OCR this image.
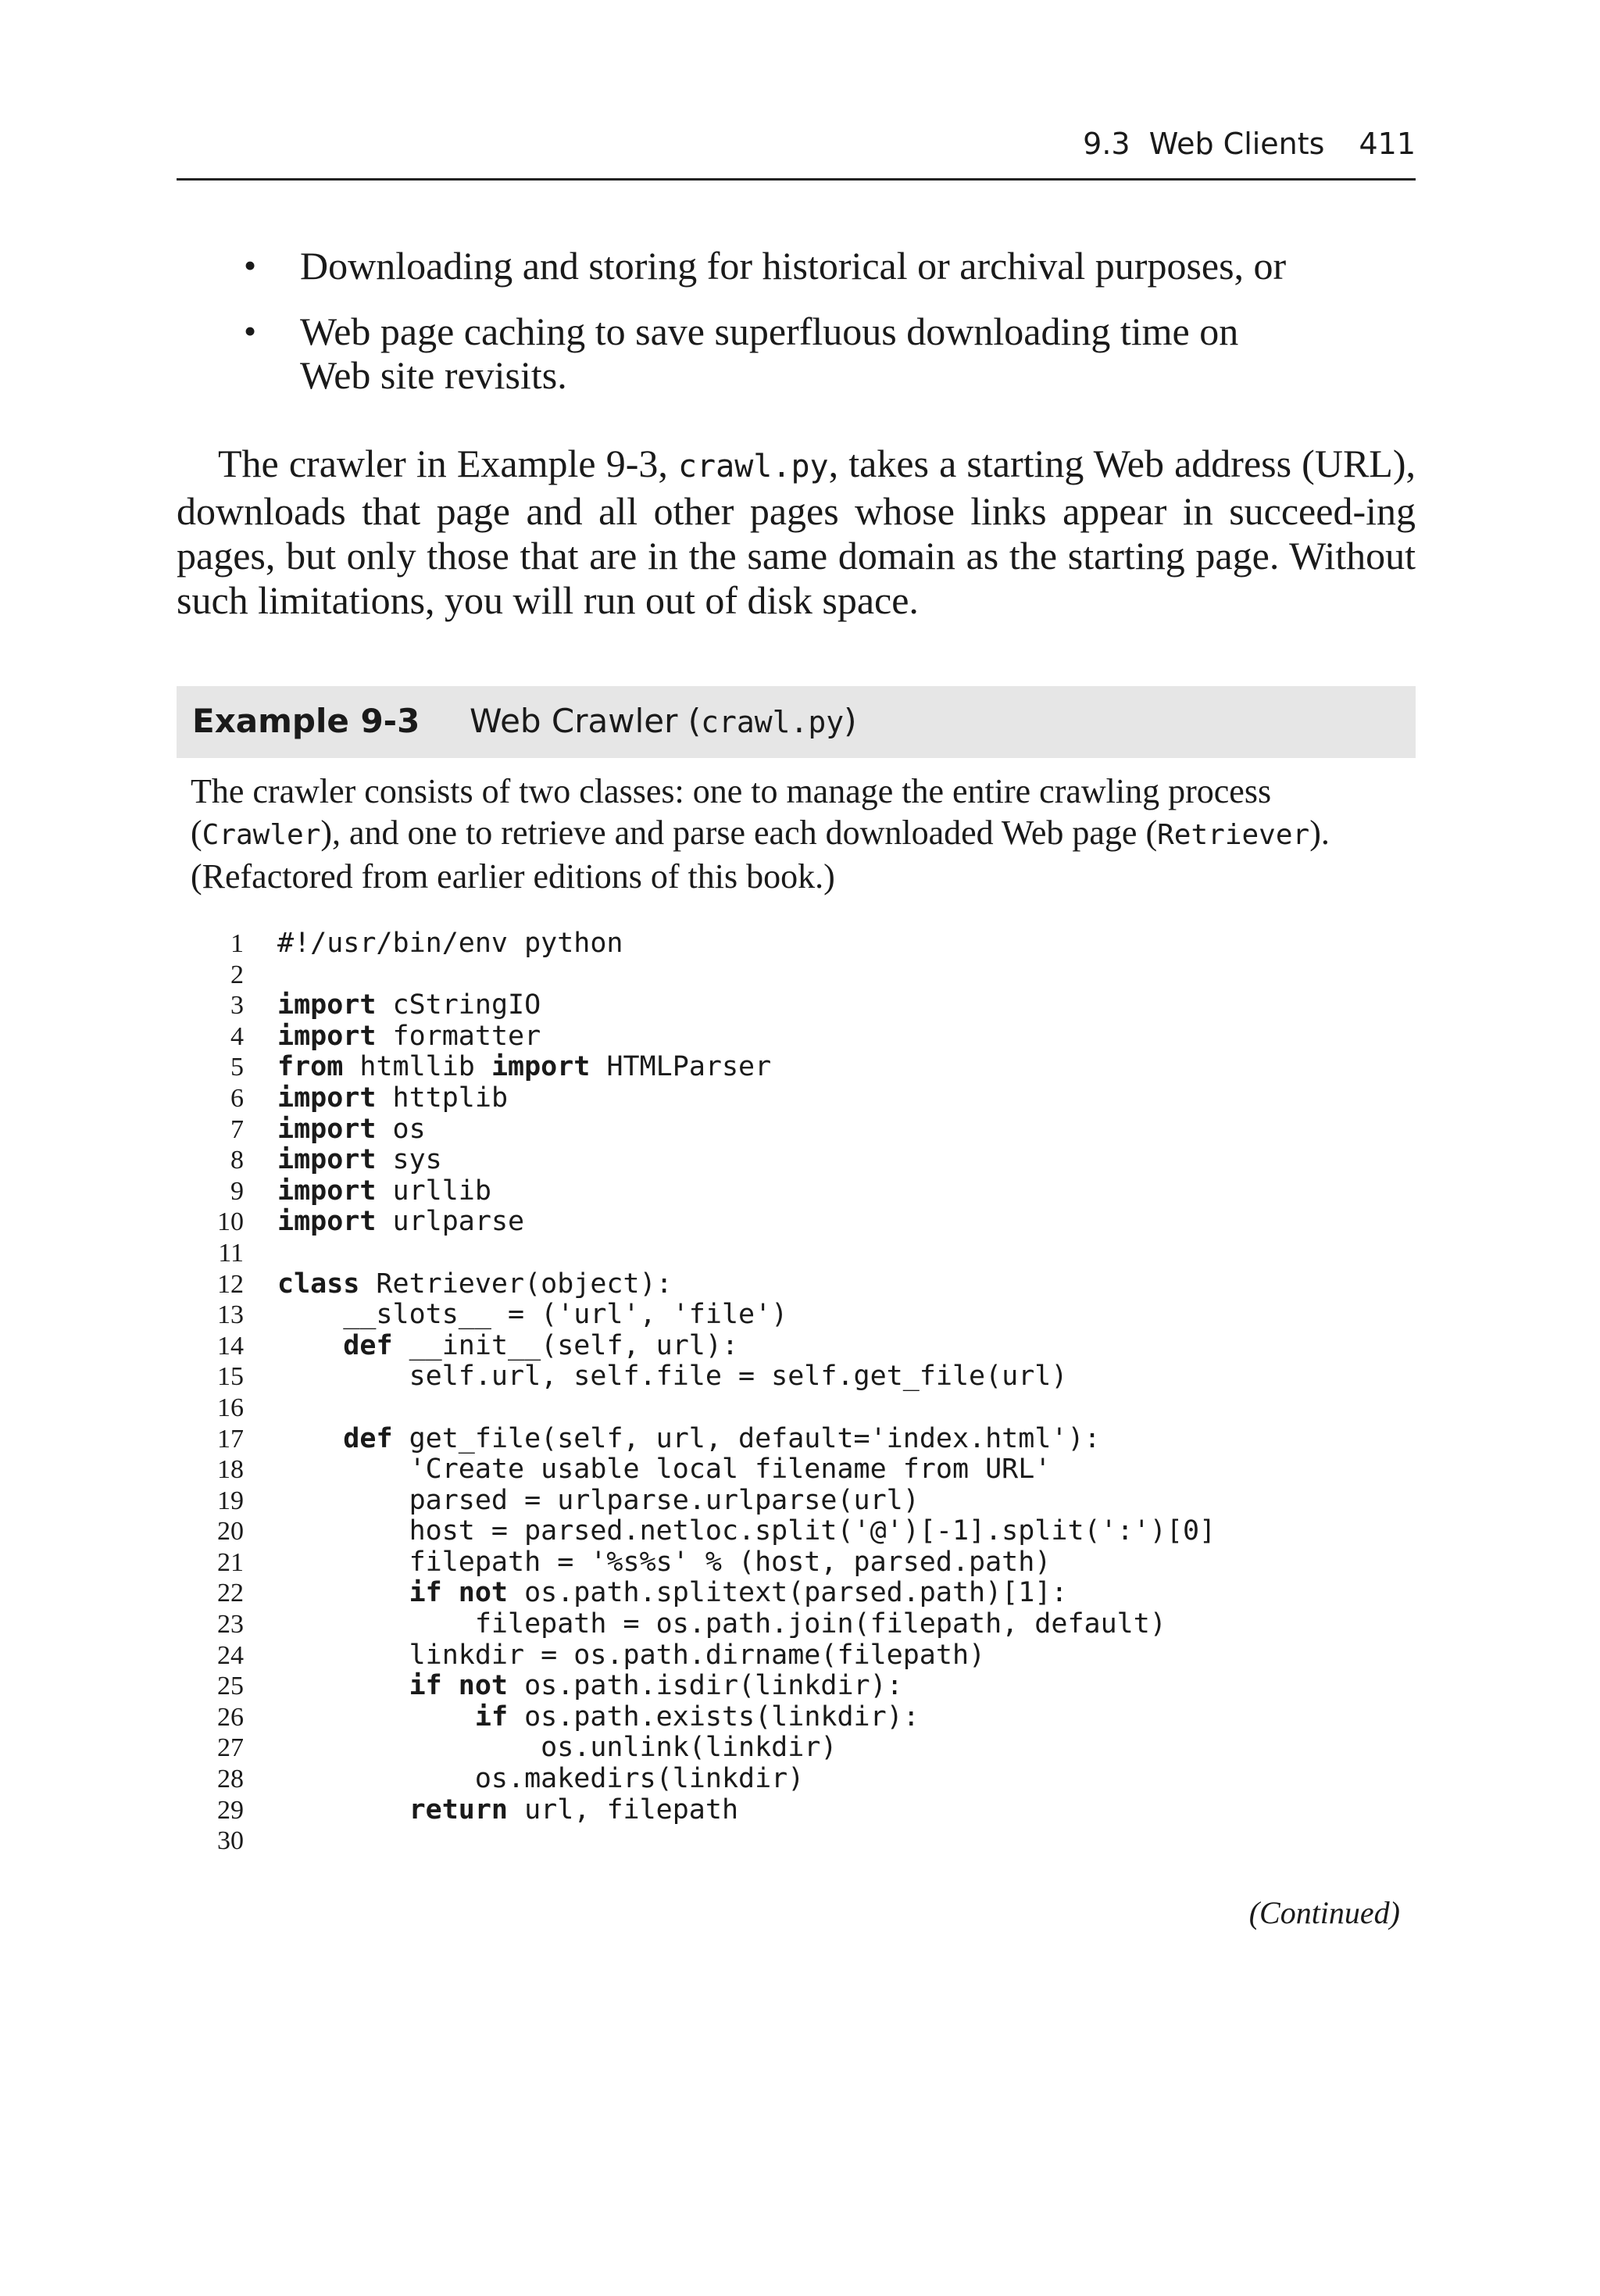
9.3  Web Clients 411
• Downloading and storing for historical or archival purposes, or
• Web page caching to save superfluous downloading time on Web site revisits.

The crawler in Example 9-3, crawl.py, takes a starting Web address (URL), downloads that page and all other pages whose links appear in succeed-ing pages, but only those that are in the same domain as the starting page. Without such limitations, you will run out of disk space.

Example 9-3 Web Crawler (crawl.py)

The crawler consists of two classes: one to manage the entire crawling process (Crawler), and one to retrieve and parse each downloaded Web page (Retriever). (Refactored from earlier editions of this book.)

1 #!/usr/bin/env python
2
3 import cStringIO
4 import formatter
5 from htmllib import HTMLParser
6 import httplib
7 import os
8 import sys
9 import urllib
10 import urlparse
11
12 class Retriever(object):
13 __slots__ = ('url', 'file')
14	def __init__(self, url):
15 self.url, self.file = self.get_file(url)
16
17	def get_file(self, url, default='index.html'):
18 'Create usable local filename from URL'
19 parsed = urlparse.urlparse(url)
20 host = parsed.netloc.split('@')[-1].split(':')[0]
21 filepath = '%s%s' % (host, parsed.path)
22	if not os.path.splitext(parsed.path)[1]:
23 filepath = os.path.join(filepath, default)
24 linkdir = os.path.dirname(filepath)
25	if not os.path.isdir(linkdir):
26	if os.path.exists(linkdir):
27 os.unlink(linkdir)
28 os.makedirs(linkdir)
29	return url, filepath
30
(Continued)
